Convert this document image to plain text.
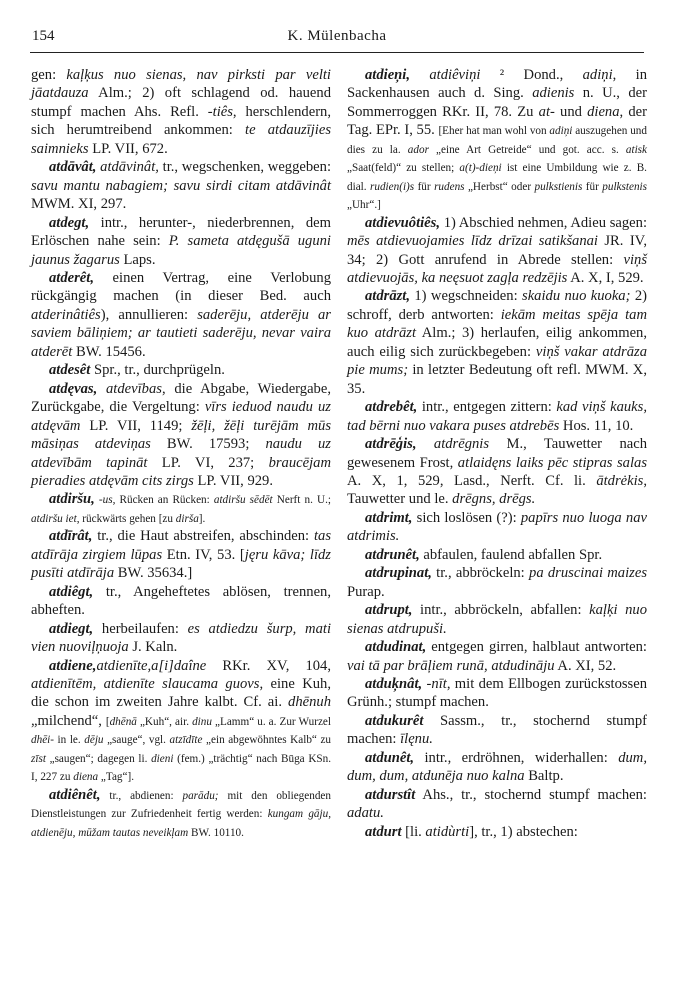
154	K. Mülenbacha

gen: kaļķus nuo sienas, nav pirksti par velti jāatdauza Alm.; 2) oft schlagend od. hauend stumpf machen Ahs. Refl. -tiês, herschlendern, sich herumtreibend ankommen: te atdauzījies saimnieks LP. VII, 672.

atdāvât, atdāvinât, tr., wegschenken, weggeben: savu mantu nabagiem; savu sirdi citam atdāvinât MWM. XI, 297.

atdegt, intr., herunter-, niederbrennen, dem Erlöschen nahe sein: P. sameta atdęgušā uguni jaunus žagarus Laps.

atderêt, einen Vertrag, eine Verlobung rückgängig machen (in dieser Bed. auch atderinâtiês), annullieren: saderēju, atderēju ar saviem bāliņiem; ar tautieti saderēju, nevar vaira atderēt BW. 15456.

atdesêt Spr., tr., durchprügeln.

atdęvas, atdevības, die Abgabe, Wiedergabe, Zurückgabe, die Vergeltung: vīrs ieduod naudu uz atdęvām LP. VII, 1149; žēļi, žēļi turējām mūs māsiņas atdeviņas BW. 17593; naudu uz atdevībām tapināt LP. VI, 237; braucējam pieradies atdęvām cits zirgs LP. VII, 929.

atdiršu, -us, Rücken an Rücken: atdiršu sēdēt Nerft n. U.; atdiršu iet, rückwärts gehen [zu diršа].

atdīrât, tr., die Haut abstreifen, abschinden: tas atdīrāja zirgiem lūpas Etn. IV, 53. [jęru kāva; līdz pusīti atdīrāja BW. 35634.]

atdiêgt, tr., Angeheftetes ablösen, trennen, abheften.

atdiegt, herbeilaufen: es atdiedzu šurp, mati vien nuoviļņuoja J. Kaln.

atdiene,atdienīte,a[i]daîne RKr. XV, 104, atdienītēm, atdienīte slaucama guovs, eine Kuh, die schon im zweiten Jahre kalbt. Cf. ai. dhēnuh „milchend“, [dhēnā „Kuh“, air. dinu „Lamm“ u. a. Zur Wurzel dhēi- in le. dēju „sauge“, vgl. atzīdīte „ein abgewöhntes Kalb“ zu zīst „saugen“; dagegen li. dieni (fem.) „trächtig“ nach Būga KSn. I, 227 zu diena „Tag“].

atdiênêt, tr., abdienen: parādu; mit den obliegenden Dienstleistungen zur Zufriedenheit fertig werden: kungam gāju, atdienēju, mūžam tautas neveikļam BW. 10110.

atdieņi, atdiêviņi ² Dond., adiņi, in Sackenhausen auch d. Sing. adienis n. U., der Sommerroggen RKr. II, 78. Zu at- und diena, der Tag. EPr. I, 55. [Eher hat man wohl von adiņi auszugehen und dies zu la. ador „eine Art Getreide“ und got. acc. s. atisk „Saat(feld)“ zu stellen; a(t)-dieņi ist eine Umbildung wie z. B. dial. rudien(i)s für rudens „Herbst“ oder pulkstienis für pulkstenis „Uhr“.]

atdievuôtiês, 1) Abschied nehmen, Adieu sagen: mēs atdievuojamies līdz drīzai satikšanai JR. IV, 34; 2) Gott anrufend in Abrede stellen: viņš atdievuojās, ka neęsuot zagļa redzējis A. X, I, 529.

atdrāzt, 1) wegschneiden: skaidu nuo kuoka; 2) schroff, derb antworten: iekām meitas spēja tam kuo atdrāzt Alm.; 3) herlaufen, eilig ankommen, auch eilig sich zurückbegeben: viņš vakar atdrāza pie mums; in letzter Bedeutung oft refl. MWM. X, 35.

atdrebêt, intr., entgegen zittern: kad viņš kauks, tad bērni nuo vakara puses atdrebēs Hos. 11, 10.

atdrēģis, atdrēgnis M., Tauwetter nach gewesenem Frost, atlaidęns laiks pēc stipras salas A. X, 1, 529, Lasd., Nerft. Cf. li. ātdrėkis, Tauwetter und le. drēgns, drēgs.

atdrimt, sich loslösen (?): papīrs nuo luoga nav atdrimis.

atdrunêt, abfaulen, faulend abfallen Spr.

atdrupinat, tr., abbröckeln: pa druscinai maizes Purap.

atdrupt, intr., abbröckeln, abfallen: kaļķi nuo sienas atdrupuši.

atdudinat, entgegen girren, halblaut antworten: vai tā par brāļiem runā, atdudināju A. XI, 52.

atduķnât, -nīt, mit dem Ellbogen zurückstossen Grünh.; stumpf machen.

atdukurêt Sassm., tr., stochernd stumpf machen: īlęnu.

atdunêt, intr., erdröhnen, widerhallen: dum, dum, dum, atdunēja nuo kalna Baltp.

atdurstît Ahs., tr., stochernd stumpf machen: adatu.

atdurt [li. atidùrti], tr., 1) abstechen:
